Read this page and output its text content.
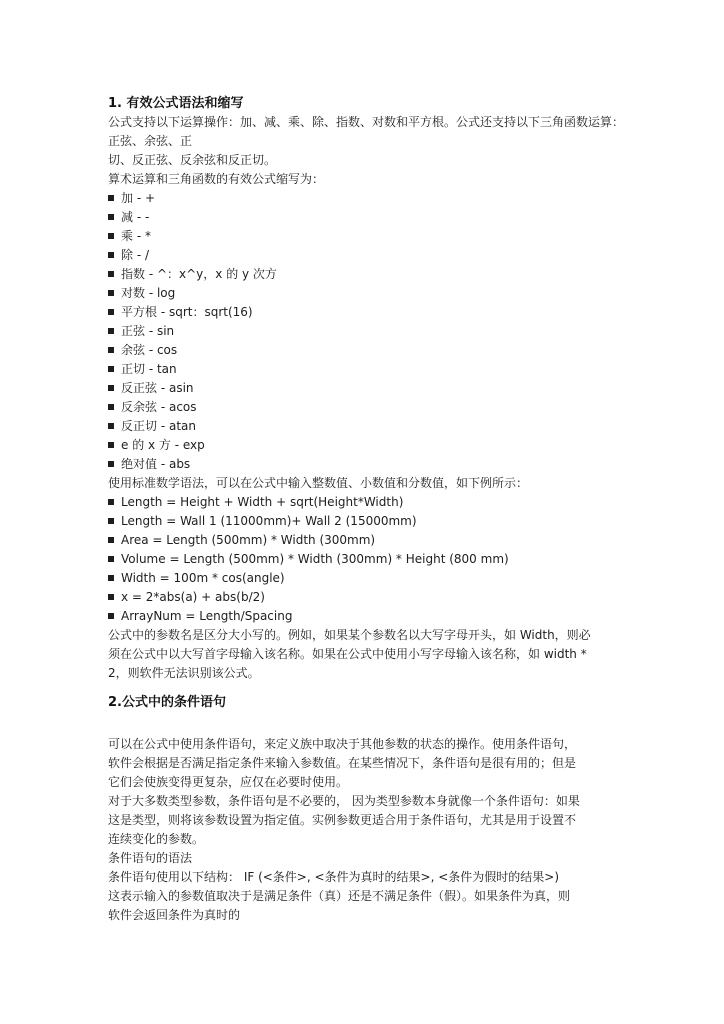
1. 有效公式语法和缩写

公式支持以下运算操作：加、减、乘、除、指数、对数和平方根。公式还支持以下三角函数运算：

正弦、余弦、正

切、反正弦、反余弦和反正切。

算术运算和三角函数的有效公式缩写为：

加 - +

减 - -

乘 - *

除 - /

指数 - ^：x^y，x 的 y 次方

对数 - log

平方根 - sqrt：sqrt(16)

正弦 - sin

余弦 - cos

正切 - tan

反正弦 - asin

反余弦 - acos

反正切 - atan

e 的 x 方 - exp

绝对值 - abs

使用标准数学语法，可以在公式中输入整数值、小数值和分数值，如下例所示：

Length = Height + Width + sqrt(Height*Width)

Length = Wall 1 (11000mm)+ Wall 2 (15000mm)

Area = Length (500mm) * Width (300mm)

Volume = Length (500mm) * Width (300mm) * Height (800 mm)

Width = 100m * cos(angle)

x = 2*abs(a) + abs(b/2)

ArrayNum = Length/Spacing

公式中的参数名是区分大小写的。例如，如果某个参数名以大写字母开头，如 Width，则必

须在公式中以大写首字母输入该名称。如果在公式中使用小写字母输入该名称，如 width *

2，则软件无法识别该公式。

2.公式中的条件语句

可以在公式中使用条件语句，来定义族中取决于其他参数的状态的操作。使用条件语句，

软件会根据是否满足指定条件来输入参数值。在某些情况下，条件语句是很有用的；但是

它们会使族变得更复杂，应仅在必要时使用。

对于大多数类型参数，条件语句是不必要的， 因为类型参数本身就像一个条件语句：如果

这是类型，则将该参数设置为指定值。实例参数更适合用于条件语句，尤其是用于设置不

连续变化的参数。

条件语句的语法

条件语句使用以下结构： IF (<条件>, <条件为真时的结果>, <条件为假时的结果>)

这表示输入的参数值取决于是满足条件（真）还是不满足条件（假）。如果条件为真，则

软件会返回条件为真时的
